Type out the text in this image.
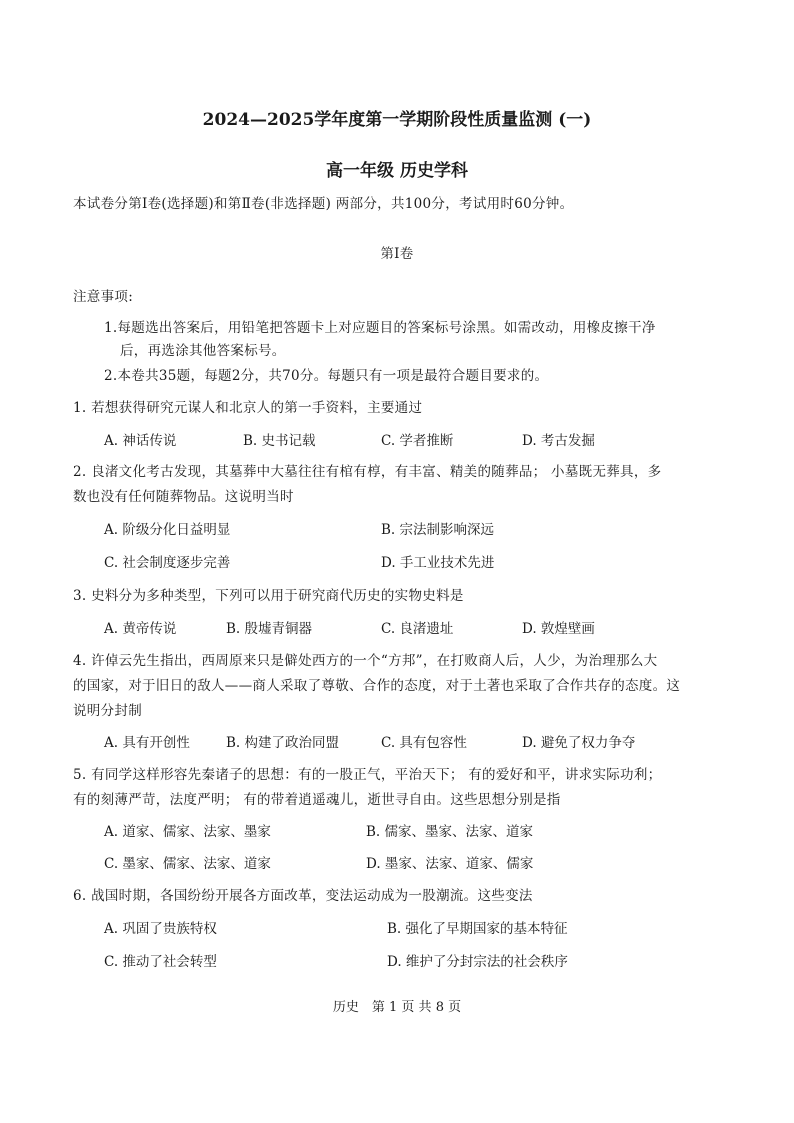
2024—2025学年度第一学期阶段性质量监测 (一)
高一年级 历史学科
本试卷分第Ⅰ卷(选择题)和第Ⅱ卷(非选择题) 两部分，共100分，考试用时60分钟。
第Ⅰ卷
注意事项:
1.每题选出答案后，用铅笔把答题卡上对应题目的答案标号涂黑。如需改动，用橡皮擦干净
后，再选涂其他答案标号。
2.本卷共35题，每题2分，共70分。每题只有一项是最符合题目要求的。
1. 若想获得研究元谋人和北京人的第一手资料，主要通过
A. 神话传说	B. 史书记载	C. 学者推断	D. 考古发掘
2. 良渚文化考古发现，其墓葬中大墓往往有棺有椁，有丰富、精美的随葬品； 小墓既无葬具，多
数也没有任何随葬物品。这说明当时
A. 阶级分化日益明显	B. 宗法制影响深远
C. 社会制度逐步完善	D. 手工业技术先进
3. 史料分为多种类型，下列可以用于研究商代历史的实物史料是
A. 黄帝传说	B. 殷墟青铜器	C. 良渚遗址	D. 敦煌壁画
4. 许倬云先生指出，西周原来只是僻处西方的一个“方邦”，在打败商人后，人少，为治理那么大
的国家，对于旧日的敌人——商人采取了尊敬、合作的态度，对于土著也采取了合作共存的态度。这
说明分封制
A. 具有开创性	B. 构建了政治同盟	C. 具有包容性	D. 避免了权力争夺
5. 有同学这样形容先秦诸子的思想：有的一股正气，平治天下； 有的爱好和平，讲求实际功利；
有的刻薄严苛，法度严明； 有的带着逍遥魂儿，逝世寻自由。这些思想分别是指
A. 道家、儒家、法家、墨家	B. 儒家、墨家、法家、道家
C. 墨家、儒家、法家、道家	D. 墨家、法家、道家、儒家
6. 战国时期，各国纷纷开展各方面改革，变法运动成为一股潮流。这些变法
A. 巩固了贵族特权	B. 强化了早期国家的基本特征
C. 推动了社会转型	D. 维护了分封宗法的社会秩序
历史　第 1 页 共 8 页
